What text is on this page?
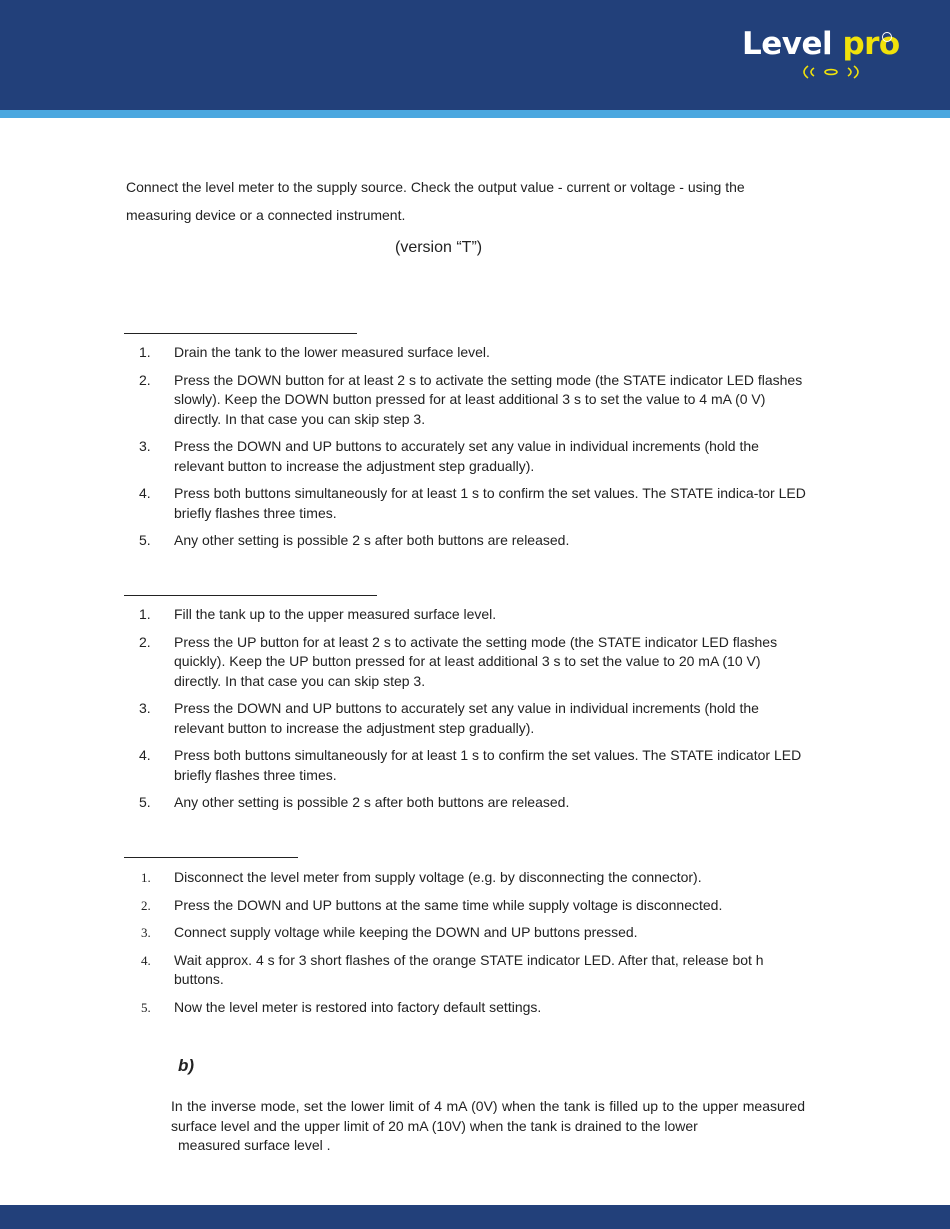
Level pro

Connect the level meter to the supply source. Check the output value - current or voltage - using the measuring device or a connected instrument.

(version “T”)

1. Drain the tank to the lower measured surface level.
2. Press the DOWN button for at least 2 s to activate the setting mode (the STATE indicator LED flashes slowly). Keep the DOWN button pressed for at least additional 3 s to set the value to 4 mA (0 V) directly. In that case you can skip step 3.
3. Press the DOWN and UP buttons to accurately set any value in individual increments (hold the relevant button to increase the adjustment step gradually).
4. Press both buttons simultaneously for at least 1 s to confirm the set values. The STATE indica-tor LED briefly flashes three times.
5. Any other setting is possible 2 s after both buttons are released.
1. Fill the tank up to the upper measured surface level.
2. Press the UP button for at least 2 s to activate the setting mode (the STATE indicator LED flashes quickly). Keep the UP button pressed for at least additional 3 s to set the value to 20 mA (10 V) directly. In that case you can skip step 3.
3. Press the DOWN and UP buttons to accurately set any value in individual increments (hold the relevant button to increase the adjustment step gradually).
4. Press both buttons simultaneously for at least 1 s to confirm the set values. The STATE indicator LED briefly flashes three times.
5. Any other setting is possible 2 s after both buttons are released.
1. Disconnect the level meter from supply voltage (e.g. by disconnecting the connector).
2. Press the DOWN and UP buttons at the same time while supply voltage is disconnected.
3. Connect supply voltage while keeping the DOWN and UP buttons pressed.
4. Wait approx. 4 s for 3 short flashes of the orange STATE indicator LED. After that, release bot h buttons.
5. Now the level meter is restored into factory default settings.

b)

In the inverse mode, set the lower limit of 4 mA (0V) when the tank is filled up to the upper measured surface level and the upper limit of 20 mA (10V) when the tank is drained to the lower
measured surface level .
